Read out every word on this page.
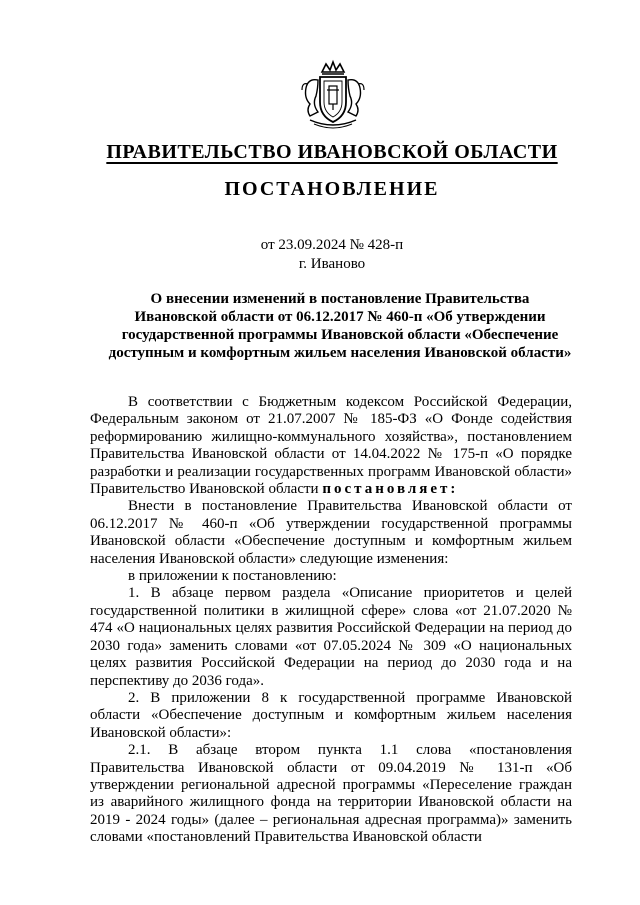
ПРАВИТЕЛЬСТВО ИВАНОВСКОЙ ОБЛАСТИ
ПОСТАНОВЛЕНИЕ
от 23.09.2024 № 428-п
г. Иваново
О внесении изменений в постановление Правительства
Ивановской области от 06.12.2017 № 460-п «Об утверждении
государственной программы Ивановской области «Обеспечение
доступным и комфортным жильем населения Ивановской области»

В соответствии с Бюджетным кодексом Российской Федерации, Федеральным законом от 21.07.2007 № 185-ФЗ «О Фонде содействия реформированию жилищно-коммунального хозяйства», постановлением Правительства Ивановской области от 14.04.2022 № 175-п «О порядке разработки и реализации государственных программ Ивановской области» Правительство Ивановской области постановляет:

Внести в постановление Правительства Ивановской области от 06.12.2017 № 460-п «Об утверждении государственной программы Ивановской области «Обеспечение доступным и комфортным жильем населения Ивановской области» следующие изменения:

в приложении к постановлению:

1. В абзаце первом раздела «Описание приоритетов и целей государственной политики в жилищной сфере» слова «от 21.07.2020 № 474 «О национальных целях развития Российской Федерации на период до 2030 года» заменить словами «от 07.05.2024 № 309 «О национальных целях развития Российской Федерации на период до 2030 года и на перспективу до 2036 года».

2. В приложении 8 к государственной программе Ивановской области «Обеспечение доступным и комфортным жильем населения Ивановской области»:

2.1. В абзаце втором пункта 1.1 слова «постановления Правительства Ивановской области от 09.04.2019 № 131-п «Об утверждении региональной адресной программы «Переселение граждан из аварийного жилищного фонда на территории Ивановской области на 2019 - 2024 годы» (далее – региональная адресная программа)» заменить словами «постановлений Правительства Ивановской области
